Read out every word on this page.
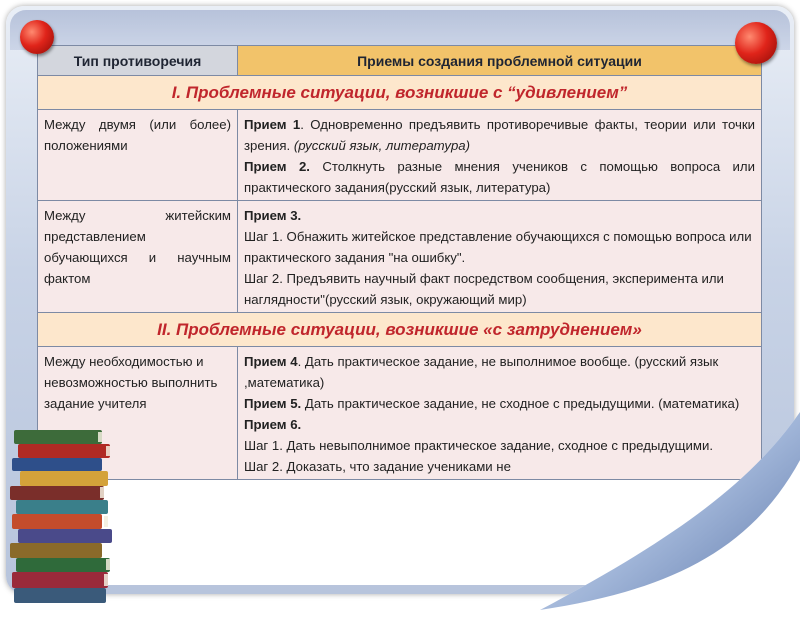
Тип противоречия	Приемы создания проблемной ситуации
I. Проблемные ситуации, возникшие с “удивлением”	
Между двумя (или более) положениями	Прием 1. Одновременно предъявить противоречивые факты, теории или точки зрения. (русский язык, литература)
Прием 2. Столкнуть разные мнения учеников с помощью вопроса или практического задания(русский язык, литература)

Между житейским представлением обучающихся и научным фактом	Прием 3.
Шаг 1. Обнажить житейское представление обучающихся с помощью вопроса или практического задания "на ошибку".
Шаг 2. Предъявить научный факт посредством сообщения, эксперимента или наглядности"(русский язык, окружающий мир)

II. Проблемные ситуации, возникшие «с затруднением»	
Между необходимостью и невозможностью выполнить задание учителя	Прием 4. Дать практическое задание, не выполнимое вообще. (русский язык ,математика)
Прием 5. Дать практическое задание, не сходное с предыдущими. (математика)
Прием 6.
Шаг 1. Дать невыполнимое практическое задание, сходное с предыдущими.
Шаг 2. Доказать, что задание учениками не
